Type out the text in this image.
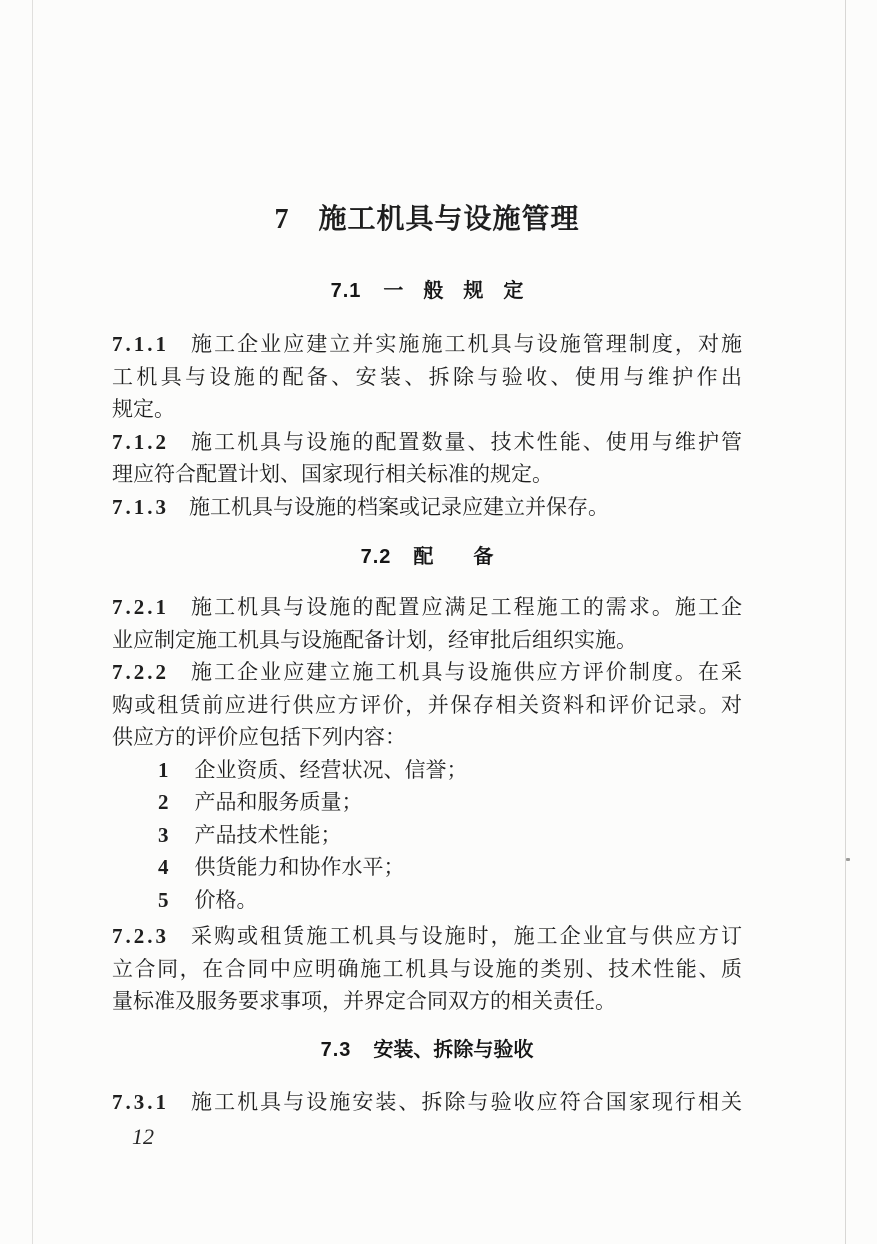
7 施工机具与设施管理
7.1 一　般　规　定
7.1.1 施工企业应建立并实施施工机具与设施管理制度，对施
工机具与设施的配备、安装、拆除与验收、使用与维护作出
规定。
7.1.2 施工机具与设施的配置数量、技术性能、使用与维护管
理应符合配置计划、国家现行相关标准的规定。
7.1.3 施工机具与设施的档案或记录应建立并保存。
7.2 配　　备
7.2.1 施工机具与设施的配置应满足工程施工的需求。施工企
业应制定施工机具与设施配备计划，经审批后组织实施。
7.2.2 施工企业应建立施工机具与设施供应方评价制度。在采
购或租赁前应进行供应方评价，并保存相关资料和评价记录。对
供应方的评价应包括下列内容：
1 企业资质、经营状况、信誉；
2 产品和服务质量；
3 产品技术性能；
4 供货能力和协作水平；
5 价格。
7.2.3 采购或租赁施工机具与设施时，施工企业宜与供应方订
立合同，在合同中应明确施工机具与设施的类别、技术性能、质
量标准及服务要求事项，并界定合同双方的相关责任。
7.3 安装、拆除与验收
7.3.1 施工机具与设施安装、拆除与验收应符合国家现行相关
12
